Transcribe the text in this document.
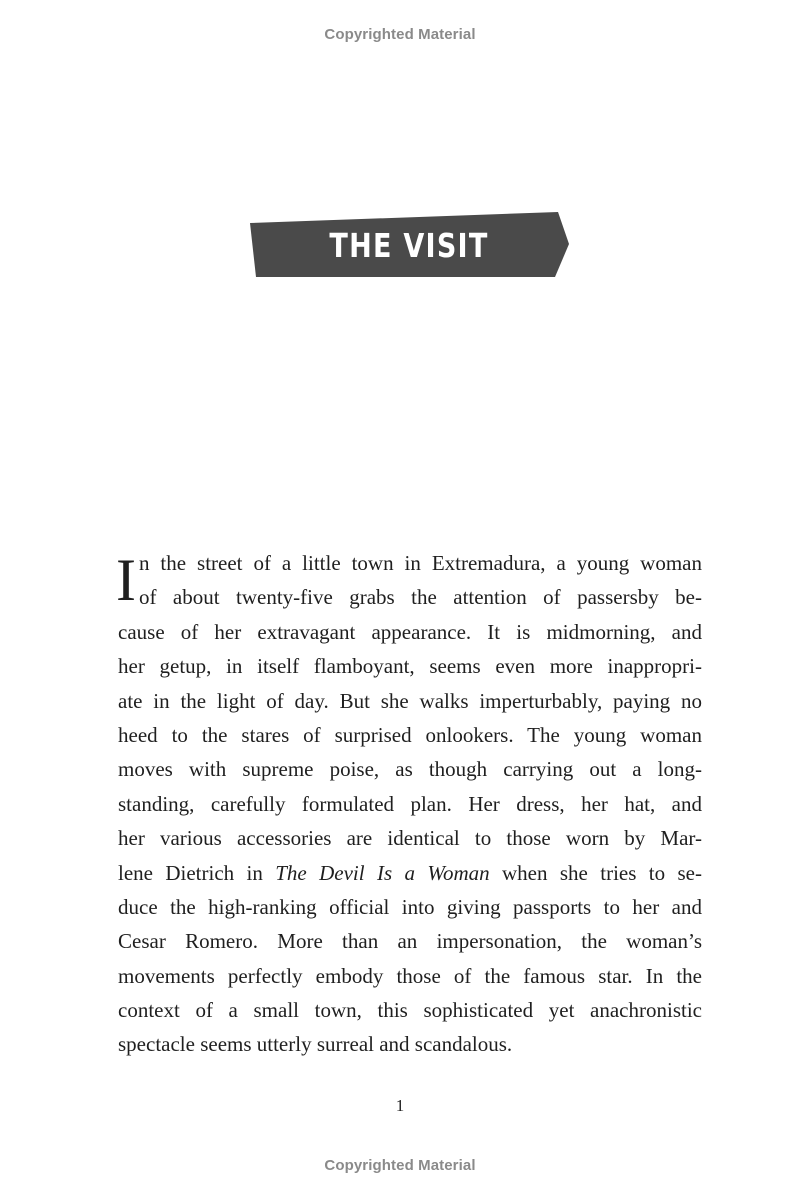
Copyrighted Material
THE VISIT
I n the street of a little town in Extremadura, a young woman
of about twenty-five grabs the attention of passersby be-
cause of her extravagant appearance. It is midmorning, and
her getup, in itself flamboyant, seems even more inappropri-
ate in the light of day. But she walks imperturbably, paying no
heed to the stares of surprised onlookers. The young woman
moves with supreme poise, as though carrying out a long-
standing, carefully formulated plan. Her dress, her hat, and
her various accessories are identical to those worn by Mar-
lene Dietrich in The Devil Is a Woman when she tries to se-
duce the high-ranking official into giving passports to her and
Cesar Romero. More than an impersonation, the woman’s
movements perfectly embody those of the famous star. In the
context of a small town, this sophisticated yet anachronistic
spectacle seems utterly surreal and scandalous.
1
Copyrighted Material
